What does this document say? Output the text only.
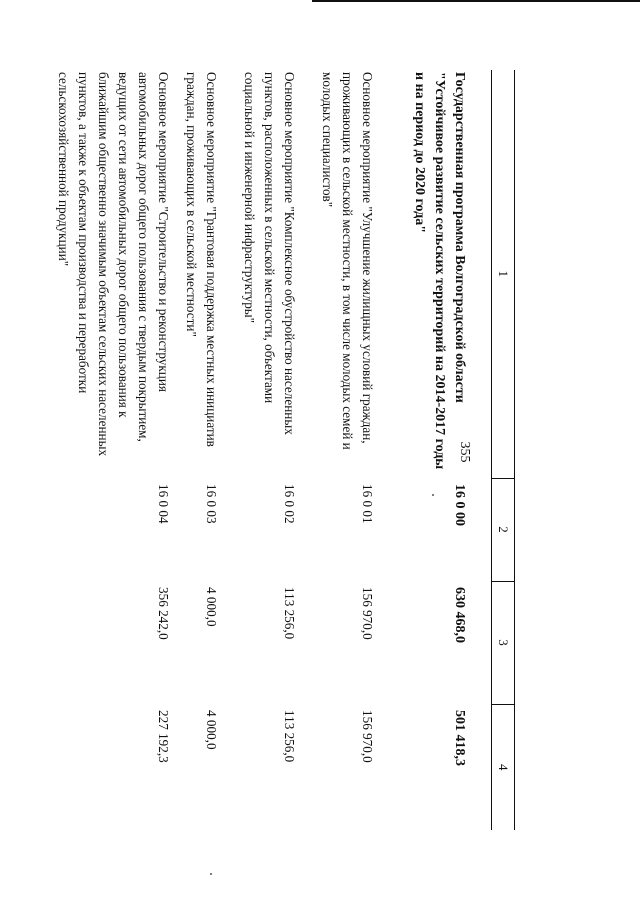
355
1	2	3	4

Государственная программа Волгоградской области "Устойчивое развитие сельских территорий на 2014-2017 годы и на период до 2020 года"	16 0 00	630 468,0	501 418,3
Основное мероприятие "Улучшение жилищных условий граждан, проживающих в сельской местности, в том числе молодых семей и молодых специалистов"	16 0 01	156 970,0	156 970,0
Основное мероприятие "Комплексное обустройство населенных пунктов, расположенных в сельской местности, объектами социальной и инженерной инфраструктуры"	16 0 02	113 256,0	113 256,0
Основное мероприятие "Грантовая поддержка местных инициатив граждан, проживающих в сельской местности"	16 0 03	4 000,0	4 000,0
Основное мероприятие "Строительство и реконструкция автомобильных дорог общего пользования с твердым покрытием, ведущих от сети автомобильных дорог общего пользования к ближайшим общественно значимым объектам сельских населенных пунктов, а также к объектам производства и переработки сельскохозяйственной продукции"	16 0 04	356 242,0	227 192,3
